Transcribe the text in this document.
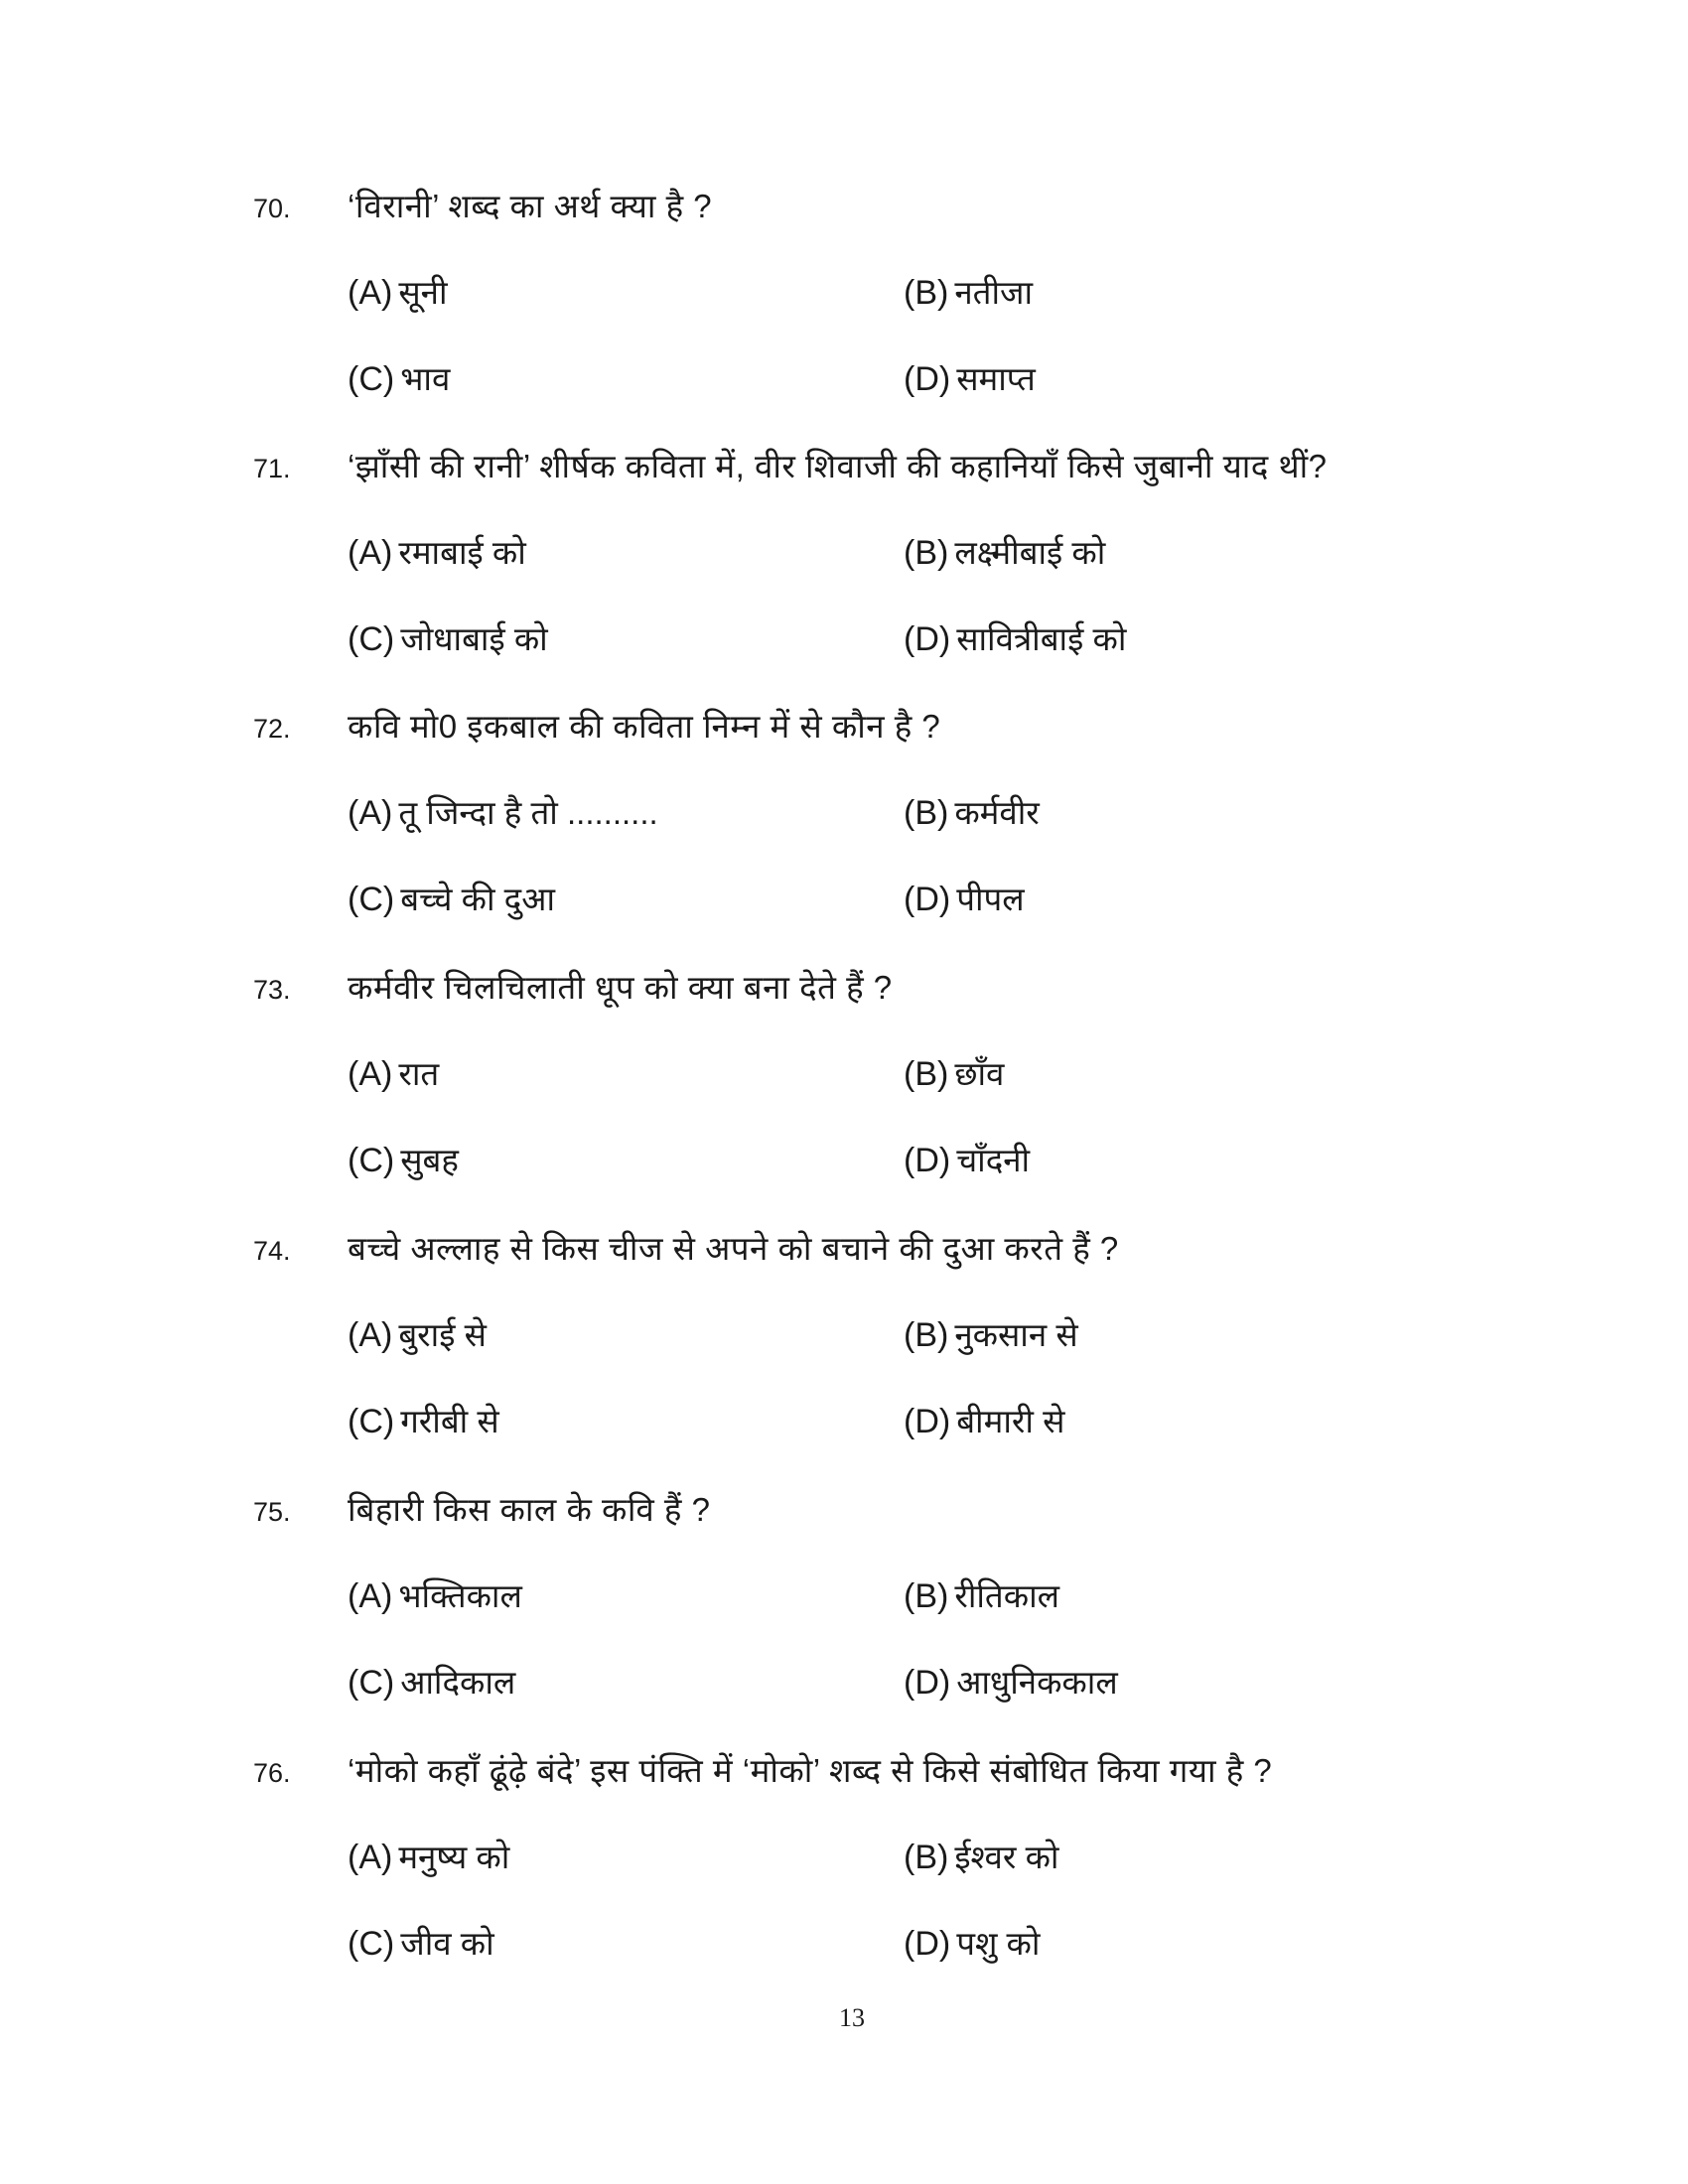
70. ‘विरानी’ शब्द का अर्थ क्या है ?
(A) सूनी	(B) नतीजा
(C) भाव	(D) समाप्त
71. ‘झाँसी की रानी’ शीर्षक कविता में, वीर शिवाजी की कहानियाँ किसे जुबानी याद थीं?
(A) रमाबाई को	(B) लक्ष्मीबाई को
(C) जोधाबाई को	(D) सावित्रीबाई को
72. कवि मो0 इकबाल की कविता निम्न में से कौन है ?
(A) तू जिन्दा है तो ..........	(B) कर्मवीर
(C) बच्चे की दुआ	(D) पीपल
73. कर्मवीर चिलचिलाती धूप को क्या बना देते हैं ?
(A) रात	(B) छाँव
(C) सुबह	(D) चाँदनी
74. बच्चे अल्लाह से किस चीज से अपने को बचाने की दुआ करते हैं ?
(A) बुराई से	(B) नुकसान से
(C) गरीबी से	(D) बीमारी से
75. बिहारी किस काल के कवि हैं ?
(A) भक्तिकाल	(B) रीतिकाल
(C) आदिकाल	(D) आधुनिककाल
76. ‘मोको कहाँ ढूंढ़े बंदे’ इस पंक्ति में ‘मोको’ शब्द से किसे संबोधित किया गया है ?
(A) मनुष्य को	(B) ईश्वर को
(C) जीव को	(D) पशु को
13
